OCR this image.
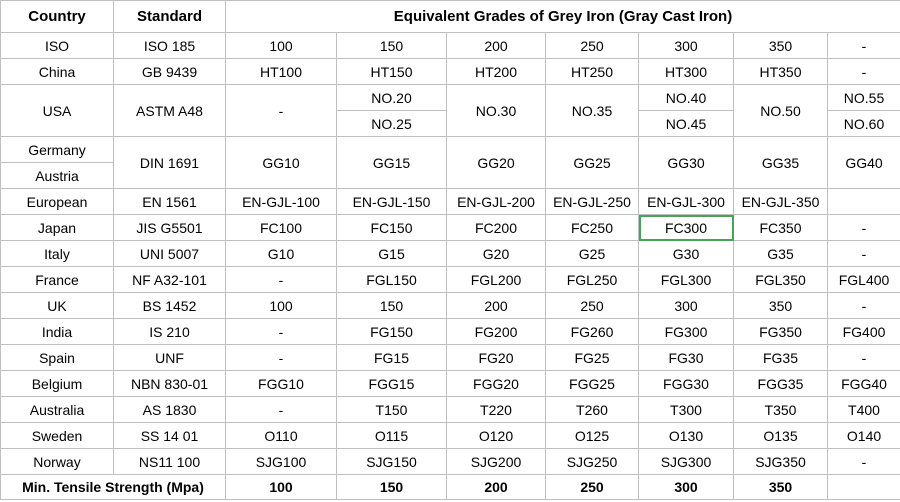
Country	Standard	Equivalent Grades of Grey Iron (Gray Cast Iron)						
ISO	ISO 185	100	150	200	250	300	350	-
China	GB 9439	HT100	HT150	HT200	HT250	HT300	HT350	-
USA	ASTM A48	-	NO.20	NO.30	NO.35	NO.40	NO.50	NO.55
			NO.25			NO.45		NO.60
Germany	DIN 1691	GG10	GG15	GG20	GG25	GG30	GG35	GG40
Austria								
European	EN 1561	EN-GJL-100	EN-GJL-150	EN-GJL-200	EN-GJL-250	EN-GJL-300	EN-GJL-350	
Japan	JIS G5501	FC100	FC150	FC200	FC250	FC300	FC350	-
Italy	UNI 5007	G10	G15	G20	G25	G30	G35	-
France	NF A32-101	-	FGL150	FGL200	FGL250	FGL300	FGL350	FGL400
UK	BS 1452	100	150	200	250	300	350	-
India	IS 210	-	FG150	FG200	FG260	FG300	FG350	FG400
Spain	UNF	-	FG15	FG20	FG25	FG30	FG35	-
Belgium	NBN 830-01	FGG10	FGG15	FGG20	FGG25	FGG30	FGG35	FGG40
Australia	AS 1830	-	T150	T220	T260	T300	T350	T400
Sweden	SS 14 01	O110	O115	O120	O125	O130	O135	O140
Norway	NS11 100	SJG100	SJG150	SJG200	SJG250	SJG300	SJG350	-
Min. Tensile Strength (Mpa)		100	150	200	250	300	350	
